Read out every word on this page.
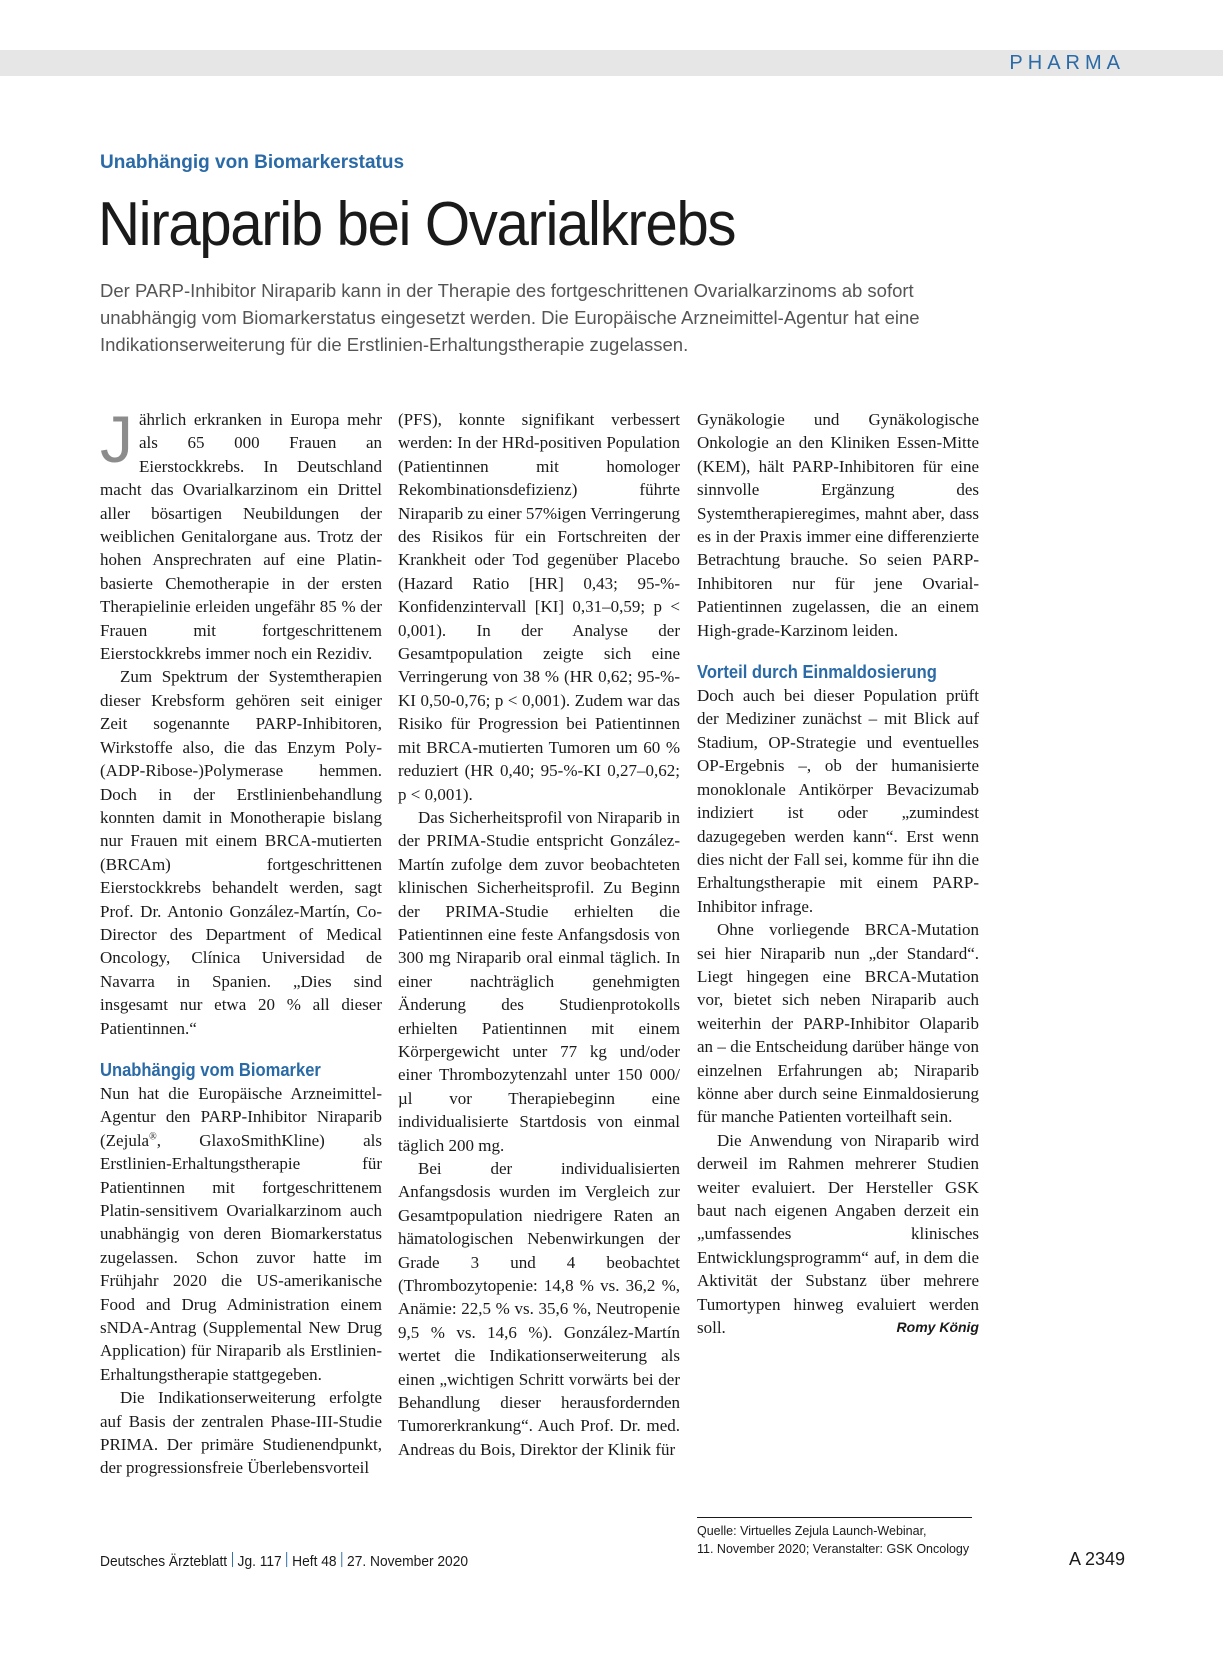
PHARMA
Unabhängig von Biomarkerstatus
Niraparib bei Ovarialkrebs

Der PARP-Inhibitor Niraparib kann in der Therapie des fortgeschrittenen Ovarialkarzinoms ab sofort unabhängig vom Biomarkerstatus eingesetzt werden. Die Europäische Arzneimittel-Agentur hat eine Indikationserweiterung für die Erstlinien-Erhaltungstherapie zugelassen.

Jährlich erkranken in Europa mehr als 65 000 Frauen an Eierstockkrebs. In Deutschland macht das Ovarialkarzinom ein Drittel aller bösartigen Neubildungen der weiblichen Genitalorgane aus. Trotz der hohen Ansprechraten auf eine Platin-basierte Chemotherapie in der ersten Therapielinie erleiden ungefähr 85 % der Frauen mit fortgeschrittenem Eierstockkrebs immer noch ein Rezidiv.

Zum Spektrum der Systemtherapien dieser Krebsform gehören seit einiger Zeit sogenannte PARP-Inhibitoren, Wirkstoffe also, die das Enzym Poly-(ADP-Ribose-)Polymerase hemmen. Doch in der Erstlinienbehandlung konnten damit in Monotherapie bislang nur Frauen mit einem BRCA-mutierten (BRCAm) fortgeschrittenen Eierstockkrebs behandelt werden, sagt Prof. Dr. Antonio González-Martín, Co-Director des Department of Medical Oncology, Clínica Universidad de Navarra in Spanien. „Dies sind insgesamt nur etwa 20 % all dieser Patientinnen.“

Unabhängig vom Biomarker

Nun hat die Europäische Arzneimittel-Agentur den PARP-Inhibitor Niraparib (Zejula®, GlaxoSmithKline) als Erstlinien-Erhaltungstherapie für Patientinnen mit fortgeschrittenem Platin-sensitivem Ovarialkarzinom auch unabhängig von deren Biomarkerstatus zugelassen. Schon zuvor hatte im Frühjahr 2020 die US-amerikanische Food and Drug Administration einem sNDA-Antrag (Supplemental New Drug Application) für Niraparib als Erstlinien-Erhaltungstherapie stattgegeben.

Die Indikationserweiterung erfolgte auf Basis der zentralen Phase-III-Studie PRIMA. Der primäre Studienendpunkt, der progressionsfreie Überlebensvorteil

(PFS), konnte signifikant verbessert werden: In der HRd-positiven Population (Patientinnen mit homologer Rekombinationsdefizienz) führte Niraparib zu einer 57%igen Verringerung des Risikos für ein Fortschreiten der Krankheit oder Tod gegenüber Placebo (Hazard Ratio [HR] 0,43; 95-%-Konfidenzintervall [KI] 0,31–0,59; p < 0,001). In der Analyse der Gesamtpopulation zeigte sich eine Verringerung von 38 % (HR 0,62; 95-%-KI 0,50-0,76; p < 0,001). Zudem war das Risiko für Progression bei Patientinnen mit BRCA-mutierten Tumoren um 60 % reduziert (HR 0,40; 95-%-KI 0,27–0,62; p < 0,001).

Das Sicherheitsprofil von Niraparib in der PRIMA-Studie entspricht González-Martín zufolge dem zuvor beobachteten klinischen Sicherheitsprofil. Zu Beginn der PRIMA-Studie erhielten die Patientinnen eine feste Anfangsdosis von 300 mg Niraparib oral einmal täglich. In einer nachträglich genehmigten Änderung des Studienprotokolls erhielten Patientinnen mit einem Körpergewicht unter 77 kg und/oder einer Thrombozytenzahl unter 150 000/µl vor Therapiebeginn eine individualisierte Startdosis von einmal täglich 200 mg.

Bei der individualisierten Anfangsdosis wurden im Vergleich zur Gesamtpopulation niedrigere Raten an hämatologischen Nebenwirkungen der Grade 3 und 4 beobachtet (Thrombozytopenie: 14,8 % vs. 36,2 %, Anämie: 22,5 % vs. 35,6 %, Neutropenie 9,5 % vs. 14,6 %). González-Martín wertet die Indikationserweiterung als einen „wichtigen Schritt vorwärts bei der Behandlung dieser herausfordernden Tumorerkrankung“. Auch Prof. Dr. med. Andreas du Bois, Direktor der Klinik für

Gynäkologie und Gynäkologische Onkologie an den Kliniken Essen-Mitte (KEM), hält PARP-Inhibitoren für eine sinnvolle Ergänzung des Systemtherapieregimes, mahnt aber, dass es in der Praxis immer eine differenzierte Betrachtung brauche. So seien PARP-Inhibitoren nur für jene Ovarial-Patientinnen zugelassen, die an einem High-grade-Karzinom leiden.

Vorteil durch Einmaldosierung

Doch auch bei dieser Population prüft der Mediziner zunächst – mit Blick auf Stadium, OP-Strategie und eventuelles OP-Ergebnis –, ob der humanisierte monoklonale Antikörper Bevacizumab indiziert ist oder „zumindest dazugegeben werden kann“. Erst wenn dies nicht der Fall sei, komme für ihn die Erhaltungstherapie mit einem PARP-Inhibitor infrage.

Ohne vorliegende BRCA-Mutation sei hier Niraparib nun „der Standard“. Liegt hingegen eine BRCA-Mutation vor, bietet sich neben Niraparib auch weiterhin der PARP-Inhibitor Olaparib an – die Entscheidung darüber hänge von einzelnen Erfahrungen ab; Niraparib könne aber durch seine Einmaldosierung für manche Patienten vorteilhaft sein.

Die Anwendung von Niraparib wird derweil im Rahmen mehrerer Studien weiter evaluiert. Der Hersteller GSK baut nach eigenen Angaben derzeit ein „umfassendes klinisches Entwicklungsprogramm“ auf, in dem die Aktivität der Substanz über mehrere Tumortypen hinweg evaluiert werden soll.	Romy König

Quelle: Virtuelles Zejula Launch-Webinar,
11. November 2020; Veranstalter: GSK Oncology
Deutsches Ärzteblatt Jg. 117 Heft 48 27. November 2020	A 2349
